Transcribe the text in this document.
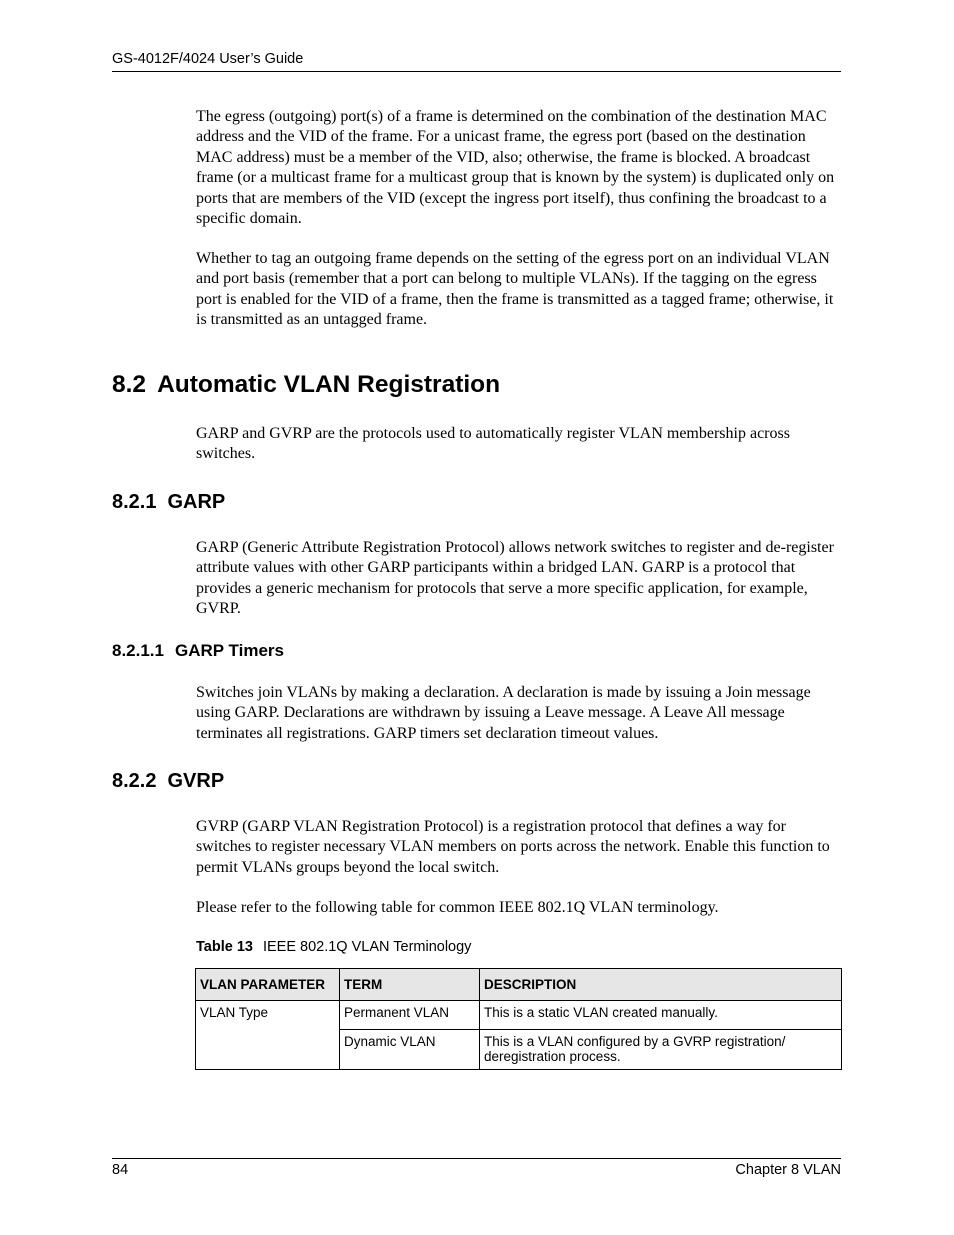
GS-4012F/4024 User’s Guide

The egress (outgoing) port(s) of a frame is determined on the combination of the destination MAC address and the VID of the frame. For a unicast frame, the egress port (based on the destination MAC address) must be a member of the VID, also; otherwise, the frame is blocked. A broadcast frame (or a multicast frame for a multicast group that is known by the system) is duplicated only on ports that are members of the VID (except the ingress port itself), thus confining the broadcast to a specific domain.

Whether to tag an outgoing frame depends on the setting of the egress port on an individual VLAN and port basis (remember that a port can belong to multiple VLANs). If the tagging on the egress port is enabled for the VID of a frame, then the frame is transmitted as a tagged frame; otherwise, it is transmitted as an untagged frame.

8.2 Automatic VLAN Registration

GARP and GVRP are the protocols used to automatically register VLAN membership across switches.

8.2.1 GARP

GARP (Generic Attribute Registration Protocol) allows network switches to register and de-register attribute values with other GARP participants within a bridged LAN. GARP is a protocol that provides a generic mechanism for protocols that serve a more specific application, for example, GVRP.

8.2.1.1 GARP Timers

Switches join VLANs by making a declaration. A declaration is made by issuing a Join message using GARP. Declarations are withdrawn by issuing a Leave message. A Leave All message terminates all registrations. GARP timers set declaration timeout values.

8.2.2 GVRP

GVRP (GARP VLAN Registration Protocol) is a registration protocol that defines a way for switches to register necessary VLAN members on ports across the network. Enable this function to permit VLANs groups beyond the local switch.

Please refer to the following table for common IEEE 802.1Q VLAN terminology.

Table 13 IEEE 802.1Q VLAN Terminology
VLAN PARAMETER	TERM	DESCRIPTION
VLAN Type	Permanent VLAN	This is a static VLAN created manually.
	Dynamic VLAN	This is a VLAN configured by a GVRP registration/ deregistration process.
84	Chapter 8 VLAN
